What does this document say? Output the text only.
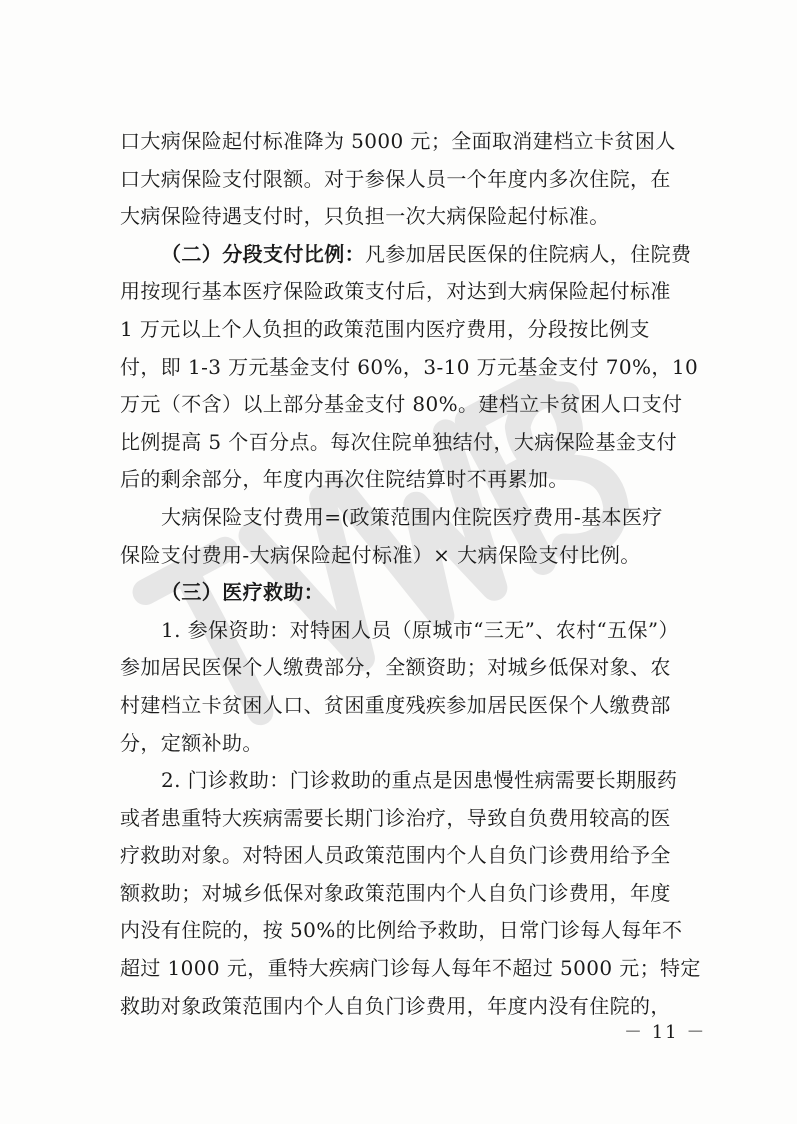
口大病保险起付标准降为 5000 元；全面取消建档立卡贫困人
口大病保险支付限额。对于参保人员一个年度内多次住院，在
大病保险待遇支付时，只负担一次大病保险起付标准。
（二）分段支付比例：凡参加居民医保的住院病人，住院费
用按现行基本医疗保险政策支付后，对达到大病保险起付标准
1 万元以上个人负担的政策范围内医疗费用，分段按比例支
付，即 1-3 万元基金支付 60%，3-10 万元基金支付 70%，10
万元（不含）以上部分基金支付 80%。建档立卡贫困人口支付
比例提高 5 个百分点。每次住院单独结付，大病保险基金支付
后的剩余部分，年度内再次住院结算时不再累加。
大病保险支付费用=(政策范围内住院医疗费用-基本医疗
保险支付费用-大病保险起付标准）× 大病保险支付比例。
（三）医疗救助：
1. 参保资助：对特困人员（原城市“三无”、农村“五保”）
参加居民医保个人缴费部分，全额资助；对城乡低保对象、农
村建档立卡贫困人口、贫困重度残疾参加居民医保个人缴费部
分，定额补助。
2. 门诊救助：门诊救助的重点是因患慢性病需要长期服药
或者患重特大疾病需要长期门诊治疗，导致自负费用较高的医
疗救助对象。对特困人员政策范围内个人自负门诊费用给予全
额救助；对城乡低保对象政策范围内个人自负门诊费用，年度
内没有住院的，按 50%的比例给予救助，日常门诊每人每年不
超过 1000 元，重特大疾病门诊每人每年不超过 5000 元；特定
救助对象政策范围内个人自负门诊费用，年度内没有住院的，
－ 11 －
